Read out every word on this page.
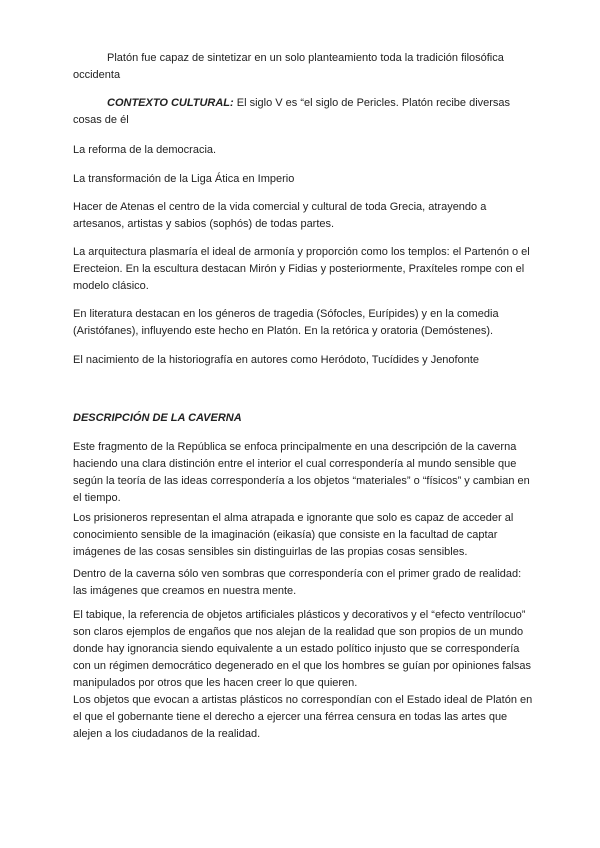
Platón fue capaz de sintetizar en un solo planteamiento toda la tradición filosófica occidenta

CONTEXTO CULTURAL: El siglo V es “el siglo de Pericles. Platón recibe diversas cosas de él

La reforma de la democracia.

La transformación de la Liga Ática en Imperio

Hacer de Atenas el centro de la vida comercial y cultural de toda Grecia, atrayendo a artesanos, artistas y sabios (sophós) de todas partes.

La arquitectura plasmaría el ideal de armonía y proporción como los templos: el Partenón o el Erecteion. En la escultura destacan Mirón y Fidias y posteriormente, Praxíteles rompe con el modelo clásico.

En literatura destacan en los géneros de tragedia (Sófocles, Eurípides) y en la comedia (Aristófanes), influyendo este hecho en Platón. En la retórica y oratoria (Demóstenes).

El nacimiento de la historiografía en autores como Heródoto, Tucídides y Jenofonte

DESCRIPCIÓN DE LA CAVERNA

Este fragmento de la República se enfoca principalmente en una descripción de la caverna haciendo una clara distinción entre el interior el cual correspondería al mundo sensible que según la teoría de las ideas correspondería a los objetos “materiales” o “físicos” y cambian en el tiempo.

Los prisioneros representan el alma atrapada e ignorante que solo es capaz de acceder al conocimiento sensible de la imaginación (eikasía) que consiste en la facultad de captar imágenes de las cosas sensibles sin distinguirlas de las propias cosas sensibles.

Dentro de la caverna sólo ven sombras que correspondería con el primer grado de realidad: las imágenes que creamos en nuestra mente.

El tabique, la referencia de objetos artificiales plásticos y decorativos y el “efecto ventrílocuo” son claros ejemplos de engaños que nos alejan de la realidad que son propios de un mundo donde hay ignorancia siendo equivalente a un estado político injusto que se correspondería con un régimen democrático degenerado en el que los hombres se guían por opiniones falsas manipulados por otros que les hacen creer lo que quieren.

Los objetos que evocan a artistas plásticos no correspondían con el Estado ideal de Platón en el que el gobernante tiene el derecho a ejercer una férrea censura en todas las artes que alejen a los ciudadanos de la realidad.
